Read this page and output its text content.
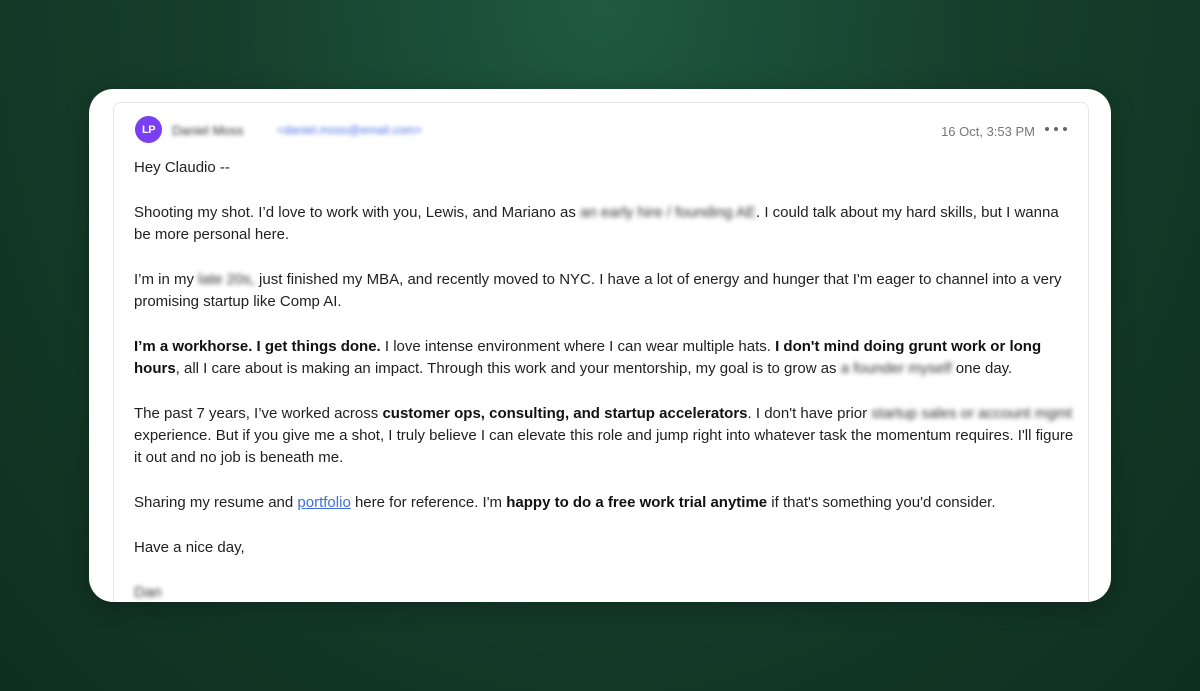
LP Daniel Moss	<daniel.moss@email.com>	16 Oct, 3:53 PM

Hey Claudio --

Shooting my shot. I’d love to work with you, Lewis, and Mariano as an early hire / founding AE. I could talk about my hard skills, but I wanna be more personal here.

I’m in my late 20s, just finished my MBA, and recently moved to NYC. I have a lot of energy and hunger that I'm eager to channel into a very promising startup like Comp AI.

I’m a workhorse. I get things done. I love intense environment where I can wear multiple hats. I don't mind doing grunt work or long hours, all I care about is making an impact. Through this work and your mentorship, my goal is to grow as a founder myself one day.

The past 7 years, I’ve worked across customer ops, consulting, and startup accelerators. I don't have prior startup sales or account mgmt experience. But if you give me a shot, I truly believe I can elevate this role and jump right into whatever task the momentum requires. I'll figure it out and no job is beneath me.

Sharing my resume and portfolio here for reference. I'm happy to do a free work trial anytime if that's something you'd consider.

Have a nice day,

Dan
